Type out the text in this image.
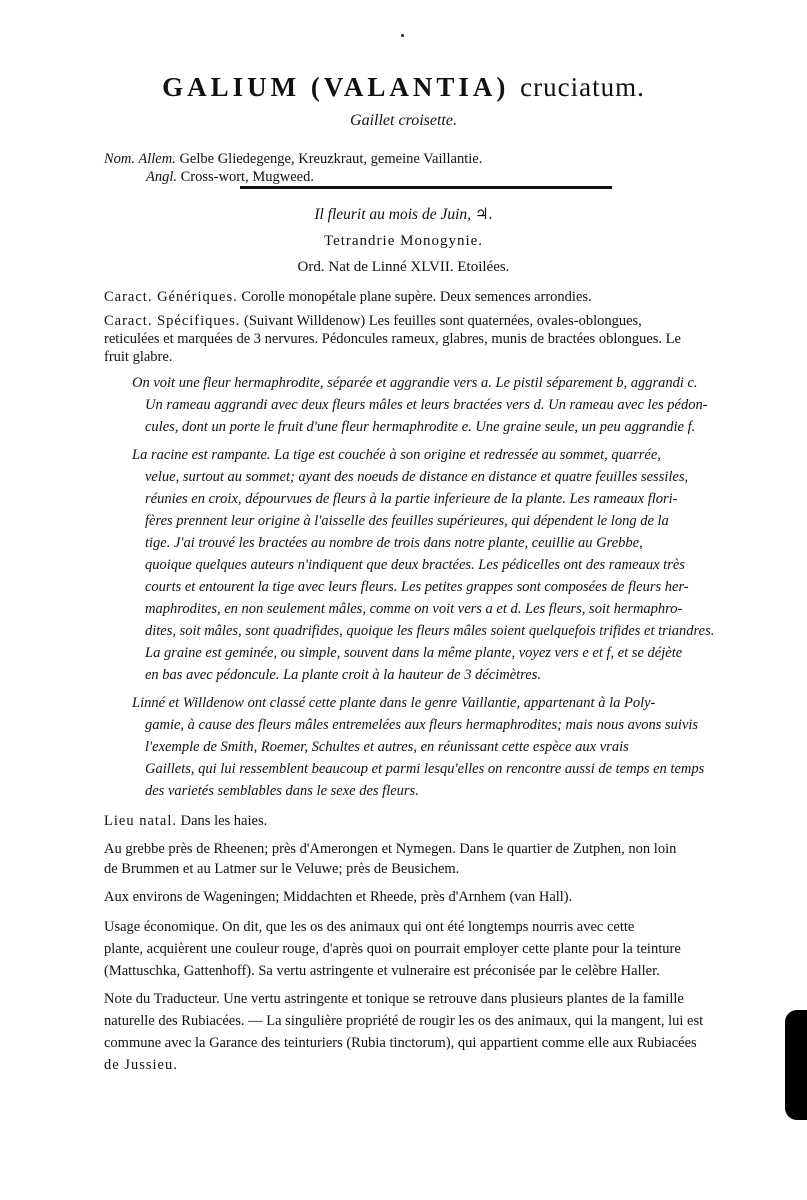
GALIUM (VALANTIA) cruciatum.
Gaillet croisette.
Nom. Allem. Gelbe Gliedegenge, Kreuzkraut, gemeine Vaillantie.
Angl. Cross-wort, Mugweed.
Il fleurit au mois de Juin, ♃.
Tetrandrie Monogynie.
Ord. Nat de Linné XLVII. Etoilées.
Caract. Génériques. Corolle monopétale plane supère. Deux semences arrondies.
Caract. Spécifiques. (Suivant Willdenow) Les feuilles sont quaternées, ovales-oblongues,
reticulées et marquées de 3 nervures. Pédoncules rameux, glabres, munis de bractées oblongues. Le
fruit glabre.
On voit une fleur hermaphrodite, séparée et aggrandie vers a. Le pistil séparement b, aggrandi c.
Un rameau aggrandi avec deux fleurs mâles et leurs bractées vers d. Un rameau avec les pédon-
cules, dont un porte le fruit d'une fleur hermaphrodite e. Une graine seule, un peu aggrandie f.
La racine est rampante. La tige est couchée à son origine et redressée au sommet, quarrée,
velue, surtout au sommet; ayant des noeuds de distance en distance et quatre feuilles sessiles,
réunies en croix, dépourvues de fleurs à la partie inferieure de la plante. Les rameaux flori-
fères prennent leur origine à l'aisselle des feuilles supérieures, qui dépendent le long de la
tige. J'ai trouvé les bractées au nombre de trois dans notre plante, ceuillie au Grebbe,
quoique quelques auteurs n'indiquent que deux bractées. Les pédicelles ont des rameaux très
courts et entourent la tige avec leurs fleurs. Les petites grappes sont composées de fleurs her-
maphrodites, en non seulement mâles, comme on voit vers a et d. Les fleurs, soit hermaphro-
dites, soit mâles, sont quadrifides, quoique les fleurs mâles soient quelquefois trifides et triandres.
La graine est geminée, ou simple, souvent dans la même plante, voyez vers e et f, et se déjète
en bas avec pédoncule. La plante croit à la hauteur de 3 décimètres.
Linné et Willdenow ont classé cette plante dans le genre Vaillantie, appartenant à la Poly-
gamie, à cause des fleurs mâles entremelées aux fleurs hermaphrodites; mais nous avons suivis
l'exemple de Smith, Roemer, Schultes et autres, en réunissant cette espèce aux vrais
Gaillets, qui lui ressemblent beaucoup et parmi lesqu'elles on rencontre aussi de temps en temps
des varietés semblables dans le sexe des fleurs.
Lieu natal. Dans les haies.
Au grebbe près de Rheenen; près d'Amerongen et Nymegen. Dans le quartier de Zutphen, non loin
de Brummen et au Latmer sur le Veluwe; près de Beusichem.
Aux environs de Wageningen; Middachten et Rheede, près d'Arnhem (van Hall).
Usage économique. On dit, que les os des animaux qui ont été longtemps nourris avec cette
plante, acquièrent une couleur rouge, d'après quoi on pourrait employer cette plante pour la teinture
(Mattuschka, Gattenhoff). Sa vertu astringente et vulneraire est préconisée par le celèbre Haller.
Note du Traducteur. Une vertu astringente et tonique se retrouve dans plusieurs plantes de la famille
naturelle des Rubiacées. — La singulière propriété de rougir les os des animaux, qui la mangent, lui est
commune avec la Garance des teinturiers (Rubia tinctorum), qui appartient comme elle aux Rubiacées
de Jussieu.
